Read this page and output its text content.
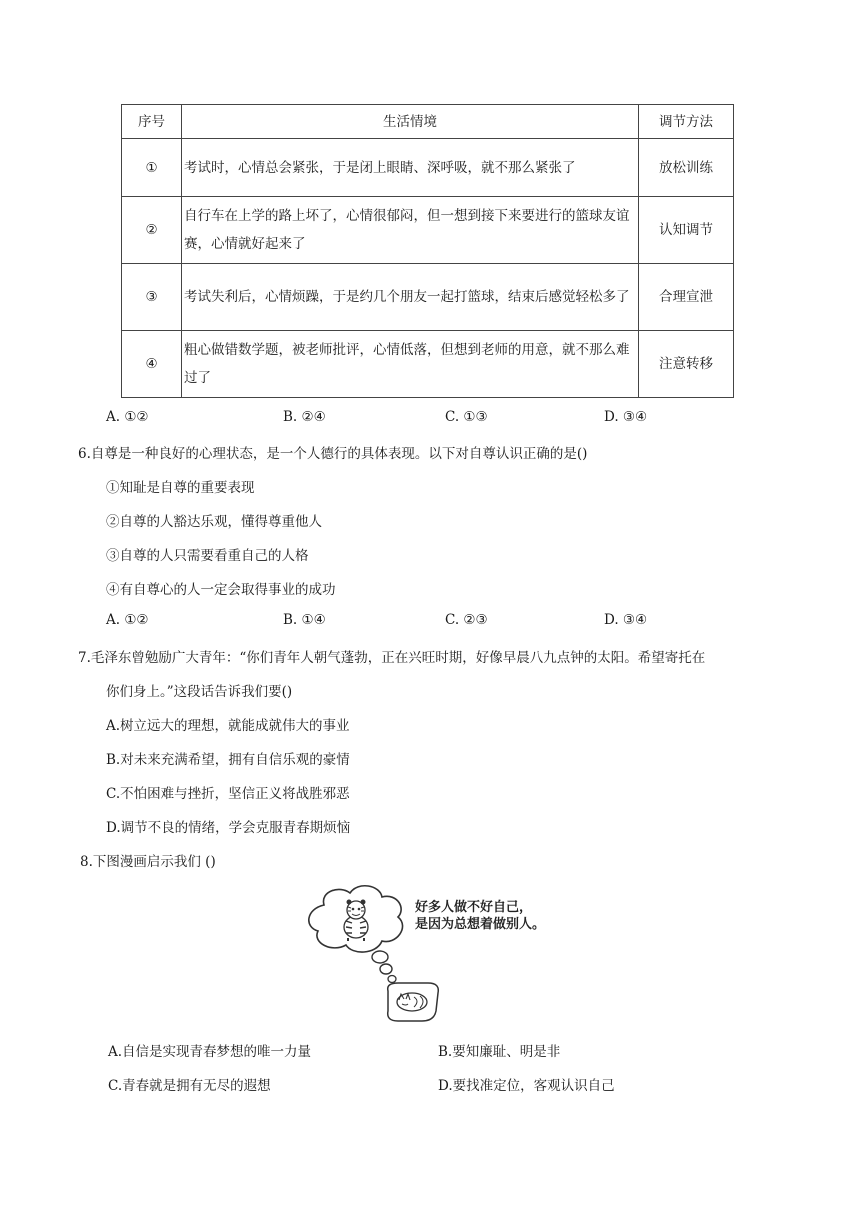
序号	生活情境	调节方法
①	考试时，心情总会紧张，于是闭上眼睛、深呼吸，就不那么紧张了	放松训练
②	自行车在上学的路上坏了，心情很郁闷，但一想到接下来要进行的篮球友谊赛，心情就好起来了	认知调节
③	考试失利后，心情烦躁，于是约几个朋友一起打篮球，结束后感觉轻松多了	合理宣泄
④	粗心做错数学题，被老师批评，心情低落，但想到老师的用意，就不那么难过了	注意转移
A. ①②	B. ②④	C. ①③	D. ③④
6.自尊是一种良好的心理状态，是一个人德行的具体表现。以下对自尊认识正确的是()
①知耻是自尊的重要表现
②自尊的人豁达乐观，懂得尊重他人
③自尊的人只需要看重自己的人格
④有自尊心的人一定会取得事业的成功
A. ①②	B. ①④	C. ②③	D. ③④
7.毛泽东曾勉励广大青年：“你们青年人朝气蓬勃，正在兴旺时期，好像早晨八九点钟的太阳。希望寄托在
你们身上。”这段话告诉我们要()
A.树立远大的理想，就能成就伟大的事业
B.对未来充满希望，拥有自信乐观的豪情
C.不怕困难与挫折，坚信正义将战胜邪恶
D.调节不良的情绪，学会克服青春期烦恼
8.下图漫画启示我们 ()
好多人做不好自己，
是因为总想着做别人。
A.自信是实现青春梦想的唯一力量	B.要知廉耻、明是非
C.青春就是拥有无尽的遐想	D.要找准定位，客观认识自己
